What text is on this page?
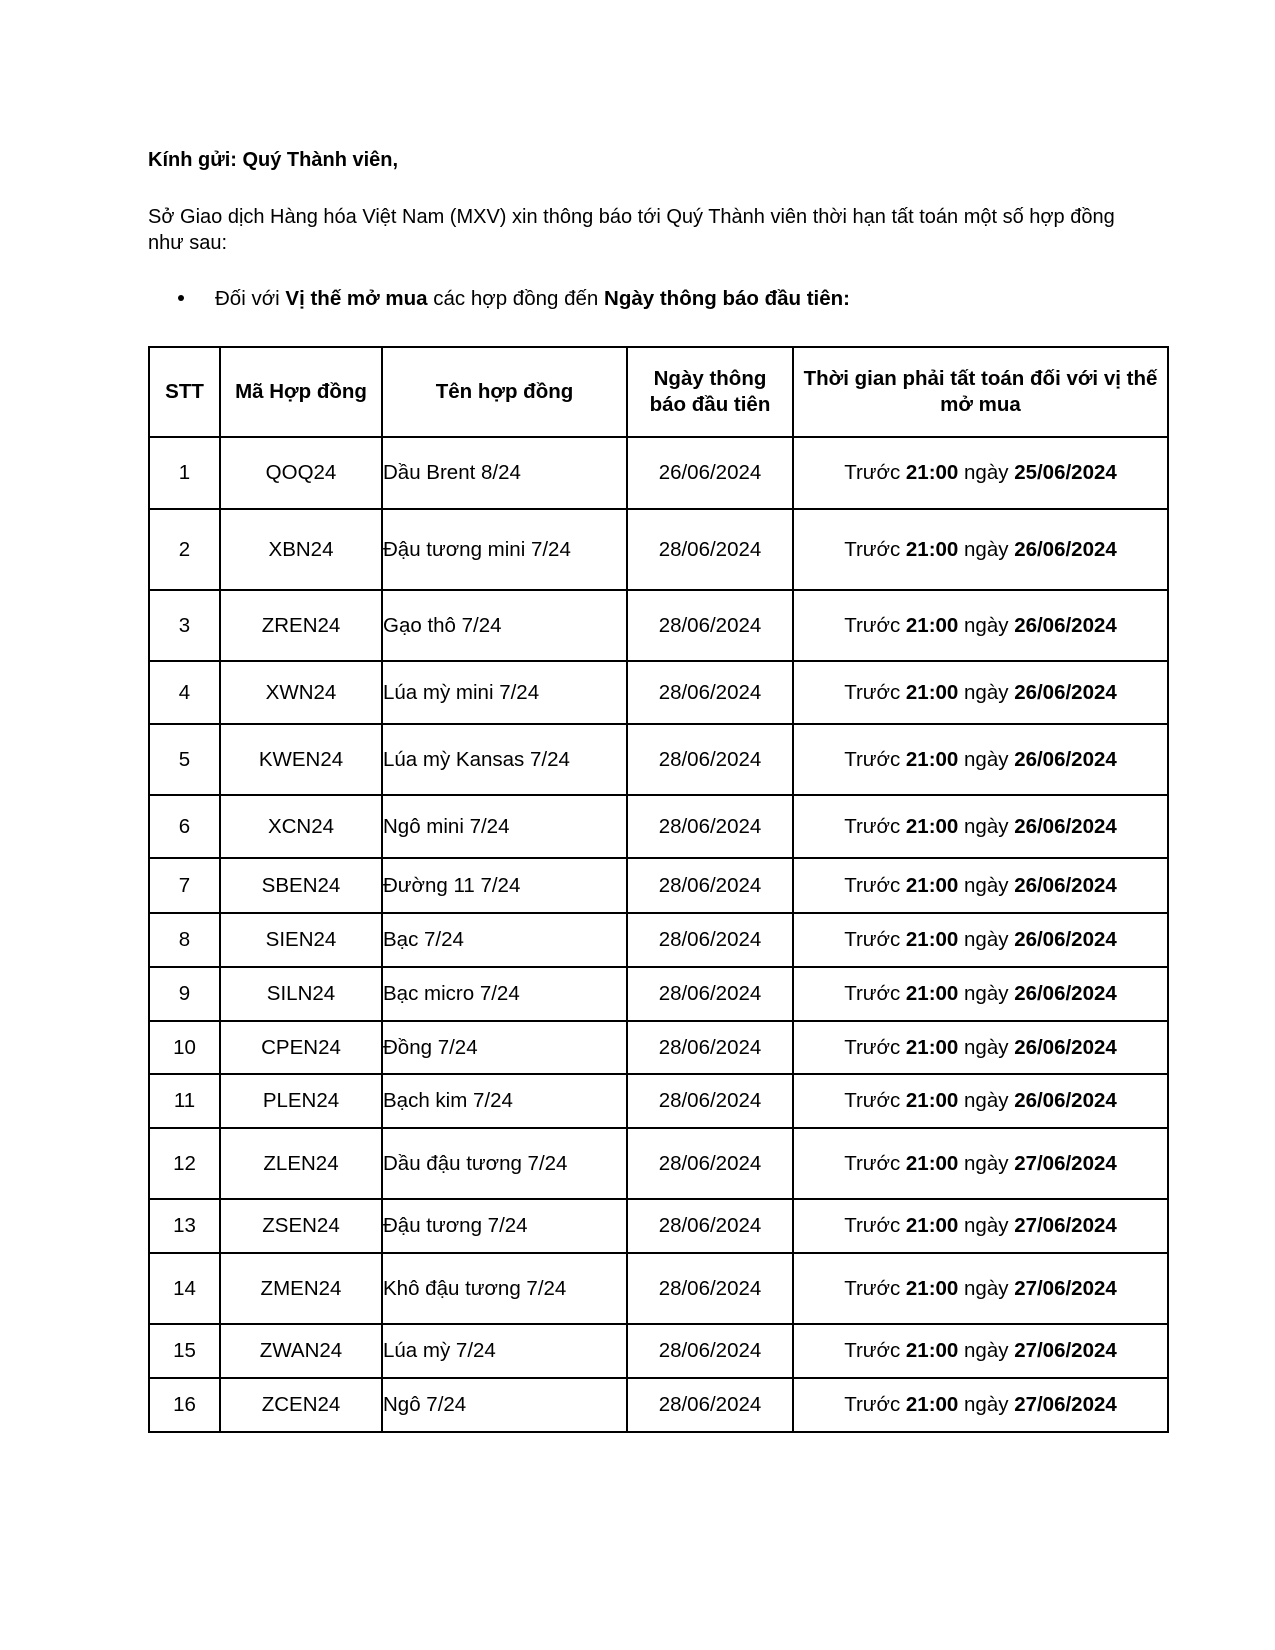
Kính gửi: Quý Thành viên,
Sở Giao dịch Hàng hóa Việt Nam (MXV) xin thông báo tới Quý Thành viên thời hạn tất toán một số hợp đồng như sau:
Đối với Vị thế mở mua các hợp đồng đến Ngày thông báo đầu tiên:
STT	Mã Hợp đồng	Tên hợp đồng	Ngày thông báo đầu tiên	Thời gian phải tất toán đối với vị thế mở mua
1	QOQ24	Dầu Brent 8/24	26/06/2024	Trước 21:00 ngày 25/06/2024
2	XBN24	Đậu tương mini 7/24	28/06/2024	Trước 21:00 ngày 26/06/2024
3	ZREN24	Gạo thô 7/24	28/06/2024	Trước 21:00 ngày 26/06/2024
4	XWN24	Lúa mỳ mini 7/24	28/06/2024	Trước 21:00 ngày 26/06/2024
5	KWEN24	Lúa mỳ Kansas 7/24	28/06/2024	Trước 21:00 ngày 26/06/2024
6	XCN24	Ngô mini 7/24	28/06/2024	Trước 21:00 ngày 26/06/2024
7	SBEN24	Đường 11 7/24	28/06/2024	Trước 21:00 ngày 26/06/2024
8	SIEN24	Bạc 7/24	28/06/2024	Trước 21:00 ngày 26/06/2024
9	SILN24	Bạc micro 7/24	28/06/2024	Trước 21:00 ngày 26/06/2024
10	CPEN24	Đồng 7/24	28/06/2024	Trước 21:00 ngày 26/06/2024
11	PLEN24	Bạch kim 7/24	28/06/2024	Trước 21:00 ngày 26/06/2024
12	ZLEN24	Dầu đậu tương 7/24	28/06/2024	Trước 21:00 ngày 27/06/2024
13	ZSEN24	Đậu tương 7/24	28/06/2024	Trước 21:00 ngày 27/06/2024
14	ZMEN24	Khô đậu tương 7/24	28/06/2024	Trước 21:00 ngày 27/06/2024
15	ZWAN24	Lúa mỳ 7/24	28/06/2024	Trước 21:00 ngày 27/06/2024
16	ZCEN24	Ngô 7/24	28/06/2024	Trước 21:00 ngày 27/06/2024
